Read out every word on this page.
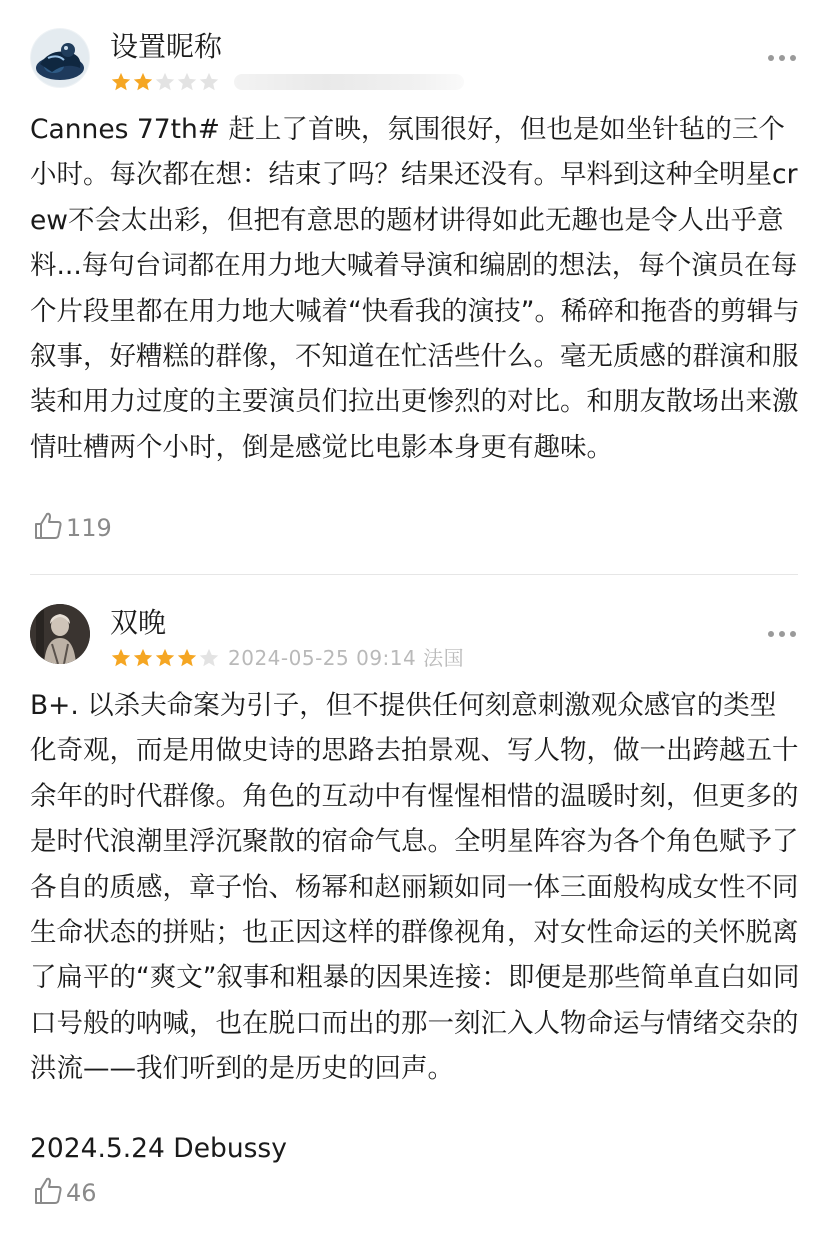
设置昵称
Cannes 77th# 赶上了首映，氛围很好，但也是如坐针毡的三个小时。每次都在想：结束了吗？结果还没有。早料到这种全明星crew不会太出彩，但把有意思的题材讲得如此无趣也是令人出乎意料...每句台词都在用力地大喊着导演和编剧的想法，每个演员在每个片段里都在用力地大喊着“快看我的演技”。稀碎和拖沓的剪辑与叙事，好糟糕的群像，不知道在忙活些什么。毫无质感的群演和服装和用力过度的主要演员们拉出更惨烈的对比。和朋友散场出来激情吐槽两个小时，倒是感觉比电影本身更有趣味。
119
双晚
2024-05-25 09:14 法国
B+. 以杀夫命案为引子，但不提供任何刻意刺激观众感官的类型化奇观，而是用做史诗的思路去拍景观、写人物，做一出跨越五十余年的时代群像。角色的互动中有惺惺相惜的温暖时刻，但更多的是时代浪潮里浮沉聚散的宿命气息。全明星阵容为各个角色赋予了各自的质感，章子怡、杨幂和赵丽颖如同一体三面般构成女性不同生命状态的拼贴；也正因这样的群像视角，对女性命运的关怀脱离了扁平的“爽文”叙事和粗暴的因果连接：即便是那些简单直白如同口号般的呐喊，也在脱口而出的那一刻汇入人物命运与情绪交杂的洪流——我们听到的是历史的回声。
2024.5.24 Debussy
46
